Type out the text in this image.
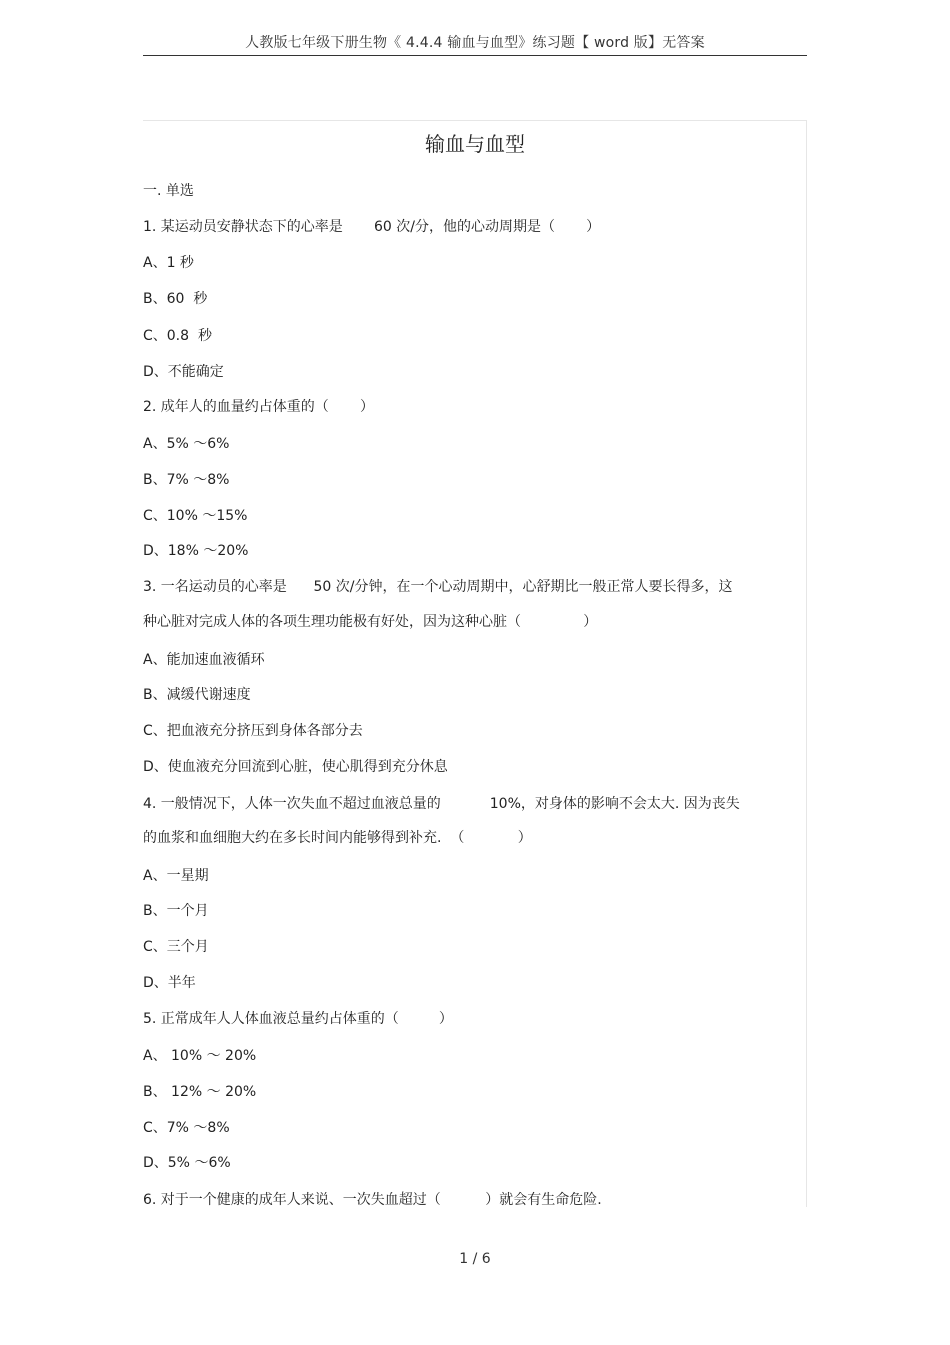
人教版七年级下册生物《 4.4.4 输血与血型》练习题【 word 版】无答案
输血与血型
一. 单选
1. 某运动员安静状态下的心率是       60 次/分，他的心动周期是（       ）
A、1 秒
B、60  秒
C、0.8  秒
D、不能确定
2. 成年人的血量约占体重的（       ）
A、5% ～6%
B、7% ～8%
C、10% ～15%
D、18% ～20%
3. 一名运动员的心率是      50 次/分钟，在一个心动周期中，心舒期比一般正常人要长得多，这
种心脏对完成人体的各项生理功能极有好处，因为这种心脏（              ）
A、能加速血液循环
B、减缓代谢速度
C、把血液充分挤压到身体各部分去
D、使血液充分回流到心脏，使心肌得到充分休息
4. 一般情况下，人体一次失血不超过血液总量的           10%，对身体的影响不会太大. 因为丧失
的血浆和血细胞大约在多长时间内能够得到补充.  （            ）
A、一星期
B、一个月
C、三个月
D、半年
5. 正常成年人人体血液总量约占体重的（         ）
A、 10% ～ 20%
B、 12% ～ 20%
C、7% ～8%
D、5% ～6%
6. 对于一个健康的成年人来说、一次失血超过（          ）就会有生命危险.
1 / 6
